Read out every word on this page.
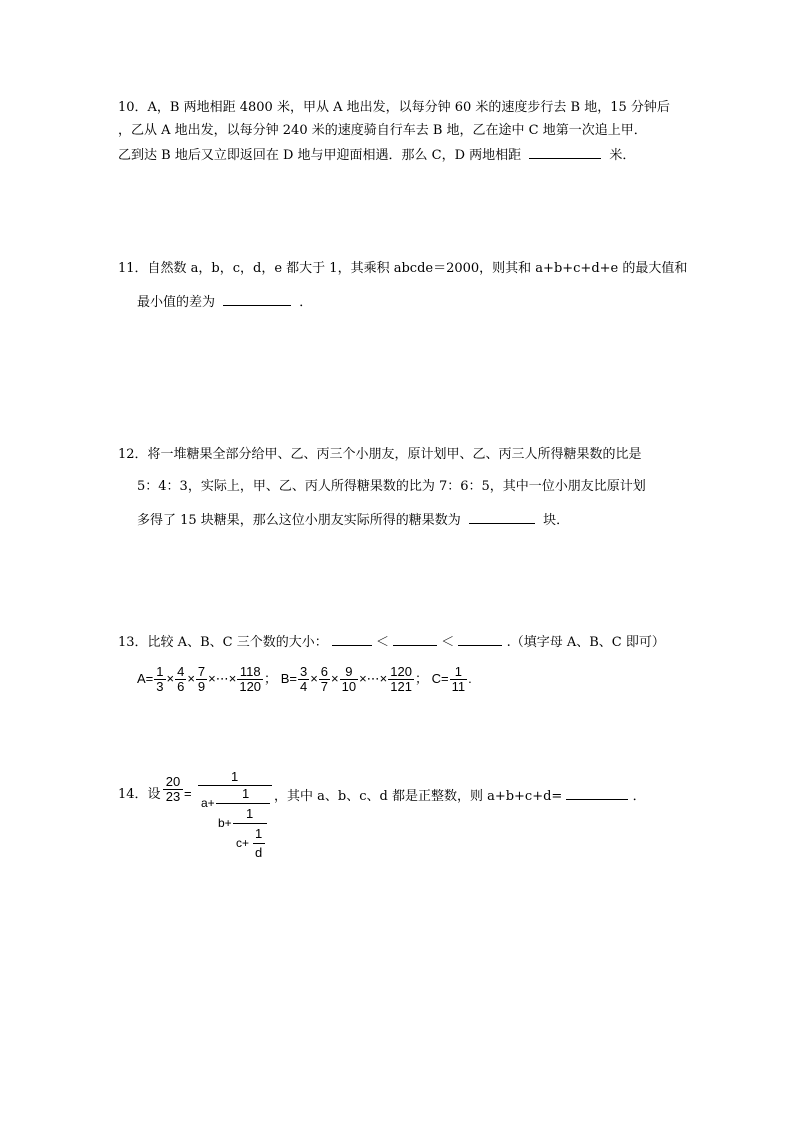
10．A，B 两地相距 4800 米，甲从 A 地出发，以每分钟 60 米的速度步行去 B 地，15 分钟后
，乙从 A 地出发，以每分钟 240 米的速度骑自行车去 B 地，乙在途中 C 地第一次追上甲．
乙到达 B 地后又立即返回在 D 地与甲迎面相遇．那么 C，D 两地相距	米．
11．自然数 a，b，c，d，e 都大于 1，其乘积 abcde＝2000，则其和 a+b+c+d+e 的最大值和
最小值的差为	．
12．将一堆糖果全部分给甲、乙、丙三个小朋友，原计划甲、乙、丙三人所得糖果数的比是
5：4：3，实际上，甲、乙、丙人所得糖果数的比为 7：6：5，其中一位小朋友比原计划
多得了 15 块糖果，那么这位小朋友实际所得的糖果数为	块．
13．比较 A、B、C 三个数的大小：	＜	＜	.（填字母 A、B、C 即可）
$A= \frac{1}{3} \times \frac{4}{6} \times \frac{7}{9}$ ×⋯× $\frac{118}{120}$ ； $B= \frac{3}{4} \times \frac{6}{7} \times \frac{9}{10}$ ×⋯× $\frac{120}{121}$ ； $C= \frac{1}{11}$ .
14．设 $\frac{20}{23}$ =
1
a+
1
b+
1
c+
1
d
，其中 a、b、c、d 都是正整数，则 a+b+c+d=	．
